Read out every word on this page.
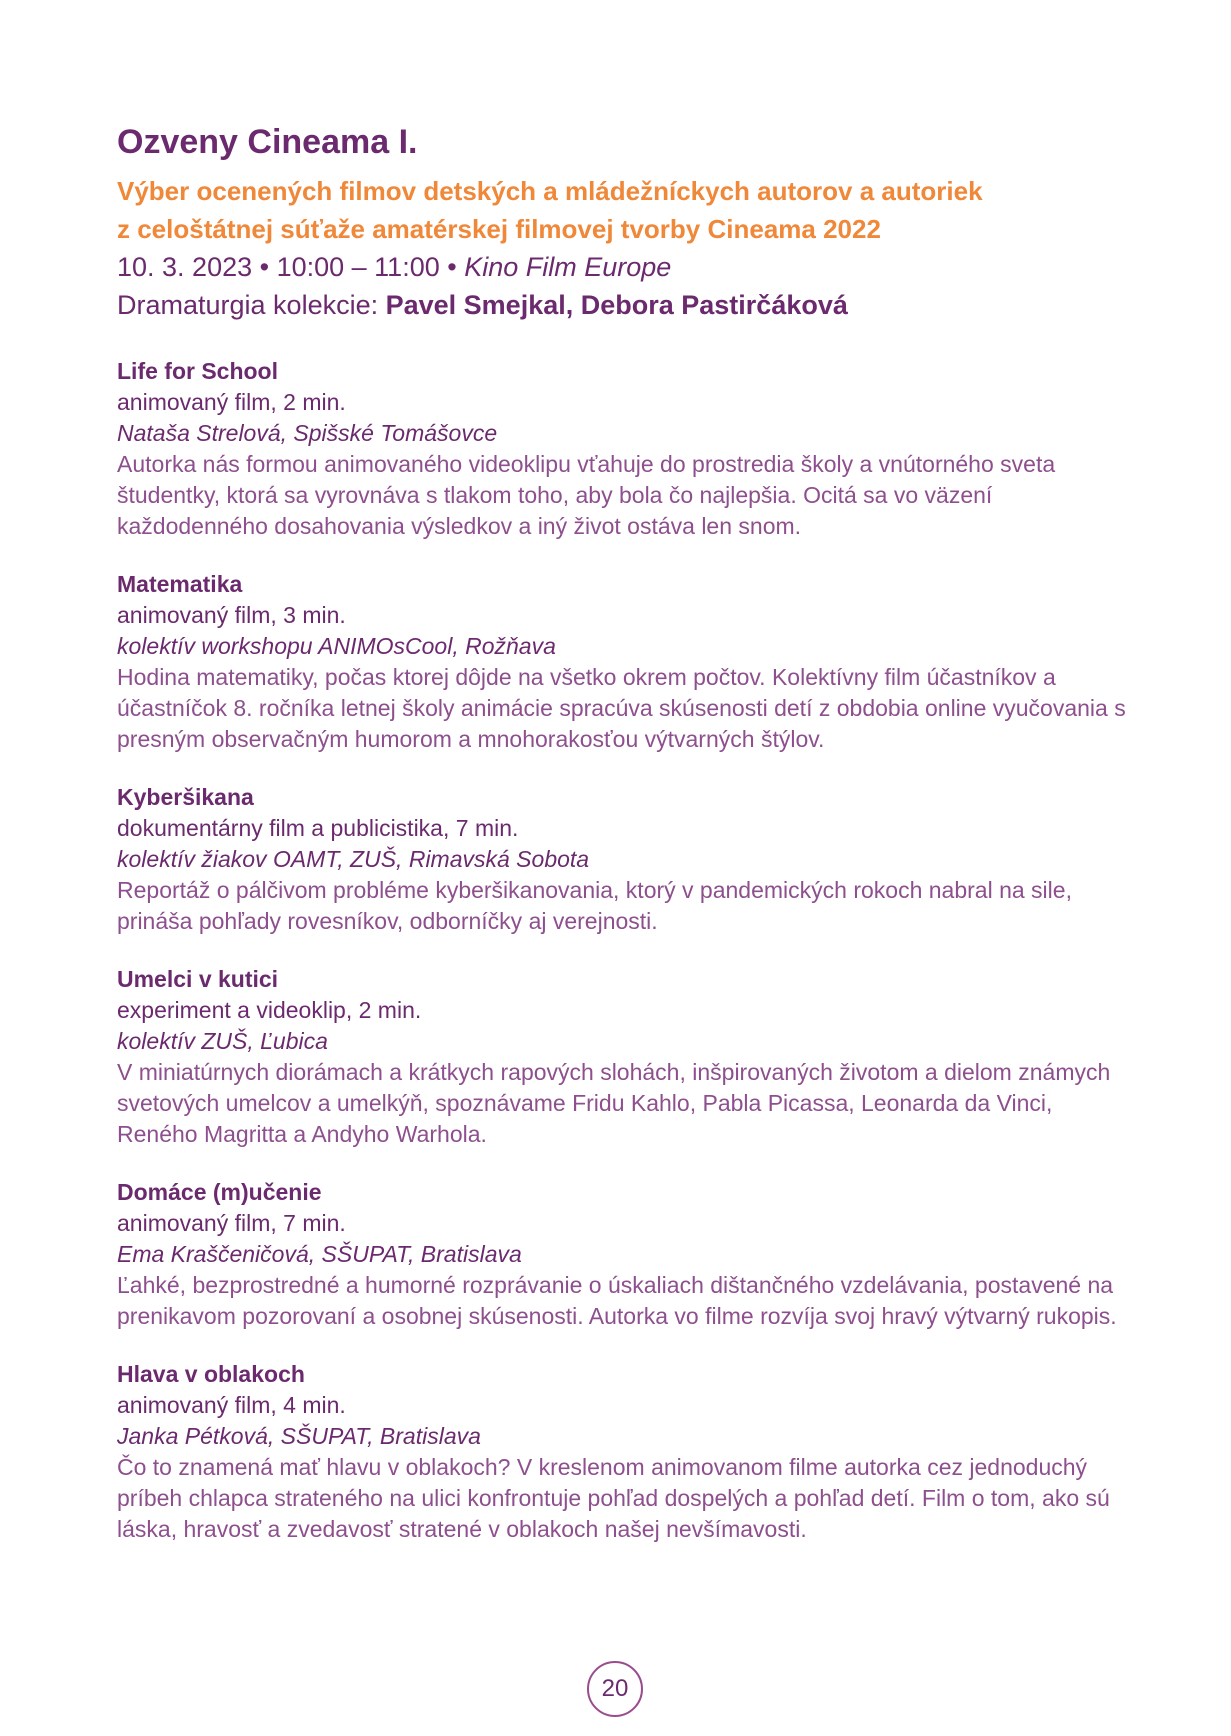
Ozveny Cineama I.

Výber ocenených filmov detských a mládežníckych autorov a autoriek

z celoštátnej súťaže amatérskej filmovej tvorby Cineama 2022

10. 3. 2023 • 10:00 – 11:00 • Kino Film Europe

Dramaturgia kolekcie: Pavel Smejkal, Debora Pastirčáková

Life for School

animovaný film, 2 min.

Nataša Strelová, Spišské Tomášovce

Autorka nás formou animovaného videoklipu vťahuje do prostredia školy a vnútorného sveta študentky, ktorá sa vyrovnáva s tlakom toho, aby bola čo najlepšia. Ocitá sa vo väzení každodenného dosahovania výsledkov a iný život ostáva len snom.

Matematika

animovaný film, 3 min.

kolektív workshopu ANIMOsCool, Rožňava

Hodina matematiky, počas ktorej dôjde na všetko okrem počtov. Kolektívny film účastníkov a účastníčok 8. ročníka letnej školy animácie spracúva skúsenosti detí z obdobia online vyučovania s presným observačným humorom a mnohorakosťou výtvarných štýlov.

Kyberšikana

dokumentárny film a publicistika, 7 min.

kolektív žiakov OAMT, ZUŠ, Rimavská Sobota

Reportáž o pálčivom probléme kyberšikanovania, ktorý v pandemických rokoch nabral na sile, prináša pohľady rovesníkov, odborníčky aj verejnosti.

Umelci v kutici

experiment a videoklip, 2 min.

kolektív ZUŠ, Ľubica

V miniatúrnych diorámach a krátkych rapových slohách, inšpirovaných životom a dielom známych svetových umelcov a umelkýň, spoznávame Fridu Kahlo, Pabla Picassa, Leonarda da Vinci, Reného Magritta a Andyho Warhola.

Domáce (m)učenie

animovaný film, 7 min.

Ema Kraščeničová, SŠUPAT, Bratislava

Ľahké, bezprostredné a humorné rozprávanie o úskaliach dištančného vzdelávania, postavené na prenikavom pozorovaní a osobnej skúsenosti. Autorka vo filme rozvíja svoj hravý výtvarný rukopis.

Hlava v oblakoch

animovaný film, 4 min.

Janka Pétková, SŠUPAT, Bratislava

Čo to znamená mať hlavu v oblakoch? V kreslenom animovanom filme autorka cez jednoduchý príbeh chlapca strateného na ulici konfrontuje pohľad dospelých a pohľad detí. Film o tom, ako sú láska, hravosť a zvedavosť stratené v oblakoch našej nevšímavosti.

20
